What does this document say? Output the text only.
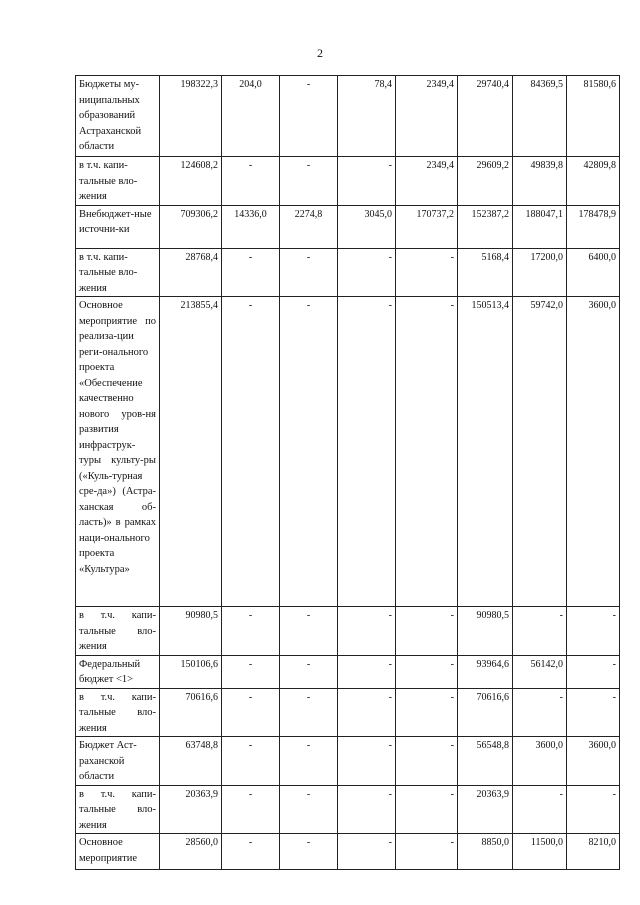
2
Бюджеты му-ниципальных образований Астраханской области	198322,3	204,0	-	78,4	2349,4	29740,4	84369,5	81580,6
в т.ч. капи-тальные вло-жения	124608,2	-	-	-	2349,4	29609,2	49839,8	42809,8
Внебюджет-ные источни-ки	709306,2	14336,0	2274,8	3045,0	170737,2	152387,2	188047,1	178478,9
в т.ч. капи-тальные вло-жения	28768,4	-	-	-	-	5168,4	17200,0	6400,0
Основное мероприятие по реализа-ции реги-онального проекта «Обеспечение качественно нового уров-ня развития инфраструк-туры культу-ры («Куль-турная сре-да») (Астра-ханская об-ласть)» в рамках наци-онального проекта «Культура»	213855,4	-	-	-	-	150513,4	59742,0	3600,0
в т.ч. капи-тальные вло-жения	90980,5	-	-	-	-	90980,5	-	-
Федеральный бюджет <1>	150106,6	-	-	-	-	93964,6	56142,0	-
в т.ч. капи-тальные вло-жения	70616,6	-	-	-	-	70616,6	-	-
Бюджет Аст-раханской области	63748,8	-	-	-	-	56548,8	3600,0	3600,0
в т.ч. капи-тальные вло-жения	20363,9	-	-	-	-	20363,9	-	-
Основное мероприятие	28560,0	-	-	-	-	8850,0	11500,0	8210,0
